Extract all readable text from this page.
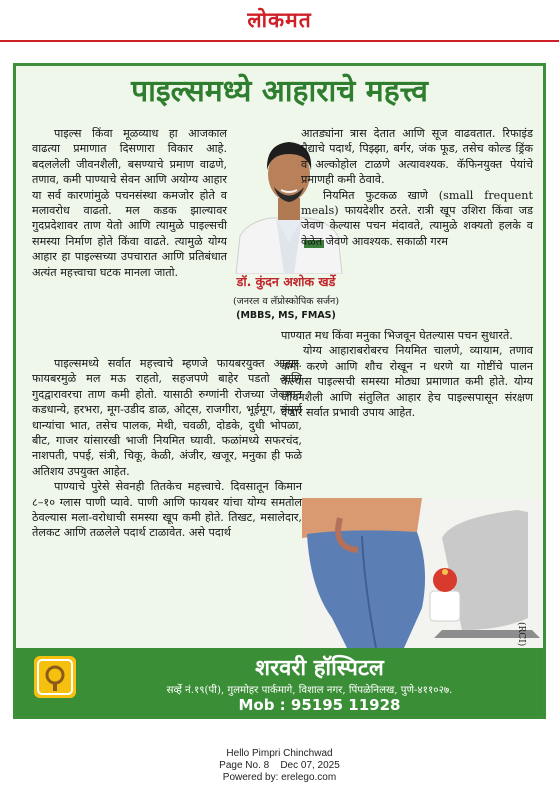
लोकमत
पाइल्समध्ये आहाराचे महत्त्व

पाइल्स किंवा मूळव्याध हा आजकाल वाढत्या प्रमाणात दिसणारा विकार आहे. बदललेली जीवनशैली, बसण्याचे प्रमाण वाढणे, तणाव, कमी पाण्याचे सेवन आणि अयोग्य आहार या सर्व कारणांमुळे पचनसंस्था कमजोर होते व मलावरोध वाढतो. मल कडक झाल्यावर गुदप्रदेशावर ताण येतो आणि त्यामुळे पाइल्सची समस्या निर्माण होते किंवा वाढते. त्यामुळे योग्य आहार हा पाइल्सच्या उपचारात आणि प्रतिबंधात अत्यंत महत्त्वाचा घटक मानला जातो.

डॉ. कुंदन अशोक खर्डे
(जनरल व लॅप्रोस्कोपिक सर्जन)
(MBBS, MS, FMAS)

आतड्यांना त्रास देतात आणि सूज वाढवतात. रिफाइंड मैद्याचे पदार्थ, पिझ्झा, बर्गर, जंक फूड, तसेच कोल्ड ड्रिंक व अल्कोहोल टाळणे अत्यावश्यक. कॅफिनयुक्त पेयांचे प्रमाणही कमी ठेवावे.

नियमित फुटकळ खाणे (small frequent meals) फायदेशीर ठरते. रात्री खूप उशिरा किंवा जड जेवण केल्यास पचन मंदावते, त्यामुळे शक्यतो हलके व वेळेत जेवणे आवश्यक. सकाळी गरम

पाण्यात मध किंवा मनुका भिजवून घेतल्यास पचन सुधारते.

योग्य आहाराबरोबरच नियमित चालणे, व्यायाम, तणाव कमी करणे आणि शौच रोखून न धरणे या गोष्टींचे पालन केल्यास पाइल्सची समस्या मोठ्या प्रमाणात कमी होते. योग्य जीवनशैली आणि संतुलित आहार हेच पाइल्सपासून संरक्षण देणारे सर्वात प्रभावी उपाय आहेत.

पाइल्समध्ये सर्वात महत्त्वाचे म्हणजे फायबरयुक्त आहार. फायबरमुळे मल मऊ राहतो, सहजपणे बाहेर पडतो आणि गुदद्वारावरचा ताण कमी होतो. यासाठी रुग्णांनी रोजच्या जेवणात कडधान्ये, हरभरा, मूग-उडीद डाळ, ओट्स, राजगीरा, भूईमूग, संपूर्ण धान्यांचा भात, तसेच पालक, मेथी, चवळी, दोडके, दुधी भोपळा, बीट, गाजर यांसारखी भाजी नियमित घ्यावी. फळांमध्ये सफरचंद, नाशपती, पपई, संत्री, चिकू, केळी, अंजीर, खजूर, मनुका ही फळे अतिशय उपयुक्त आहेत.

पाण्याचे पुरेसे सेवनही तितकेच महत्त्वाचे. दिवसातून किमान ८–१० ग्लास पाणी प्यावे. पाणी आणि फायबर यांचा योग्य समतोल ठेवल्यास मला-वरोधाची समस्या खूप कमी होते. तिखट, मसालेदार, तेलकट आणि तळलेले पदार्थ टाळावेत. असे पदार्थ

(RCI)
शरवरी हॉस्पिटल
सर्व्हे नं.१९(पी), गुलमोहर पार्कमागे, विशाल नगर, पिंपळेनिलख, पुणे-४११०२७.
Mob : 95195 11928
Hello Pimpri Chinchwad
Page No. 8    Dec 07, 2025
Powered by: erelego.com
